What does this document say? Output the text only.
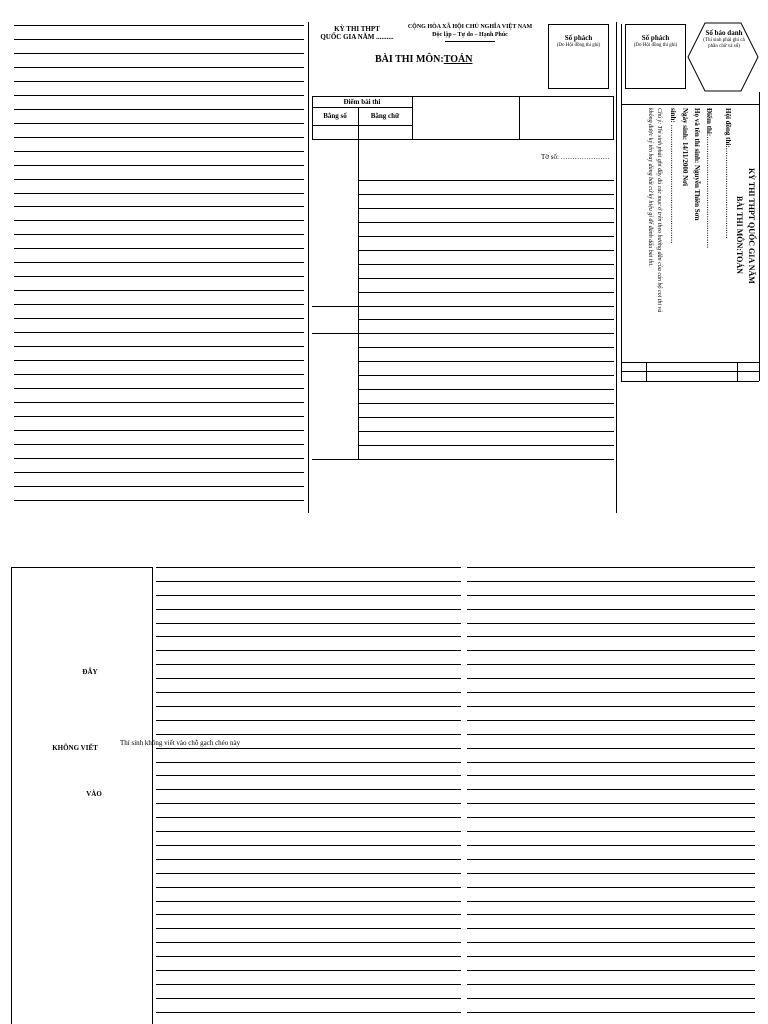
KỲ THI THPT
QUỐC GIA NĂM ..........
CỘNG HÒA XÃ HỘI CHỦ NGHĨA VIỆT NAM
Độc lập – Tự do – Hạnh Phúc
BÀI THI MÔN:TOÁN
Số phách
(Do Hội đồng thi ghi)
Số phách
(Do Hội đồng thi ghi)
Số báo danh
(Thí sinh phải ghi cả
phần chữ và số)
Điểm bài thi
Bằng số	Bằng chữ
Tờ số: …………………
KỲ THI THPT QUỐC GIA NĂM
BÀI THI MÔN:TOÁN
Hội đồng thi:…………………………………
Điểm thi:…………………………………………
Họ và tên thí sinh: Nguyễn Thiên Sơn
Ngày sinh: 14/11/2000 Nơi
sinh: ……………………………………………
Chú ý: Thí sinh phải ghi đầy đủ các mục ở trên theo hướng dẫn của cán bộ coi thi và
không được ký tên hay dùng bất cứ ký hiệu gì để đánh dấu bài thi.
ĐÂY
KHÔNG VIẾT
VÀO
Thí sinh không viết vào chỗ gạch chéo này
